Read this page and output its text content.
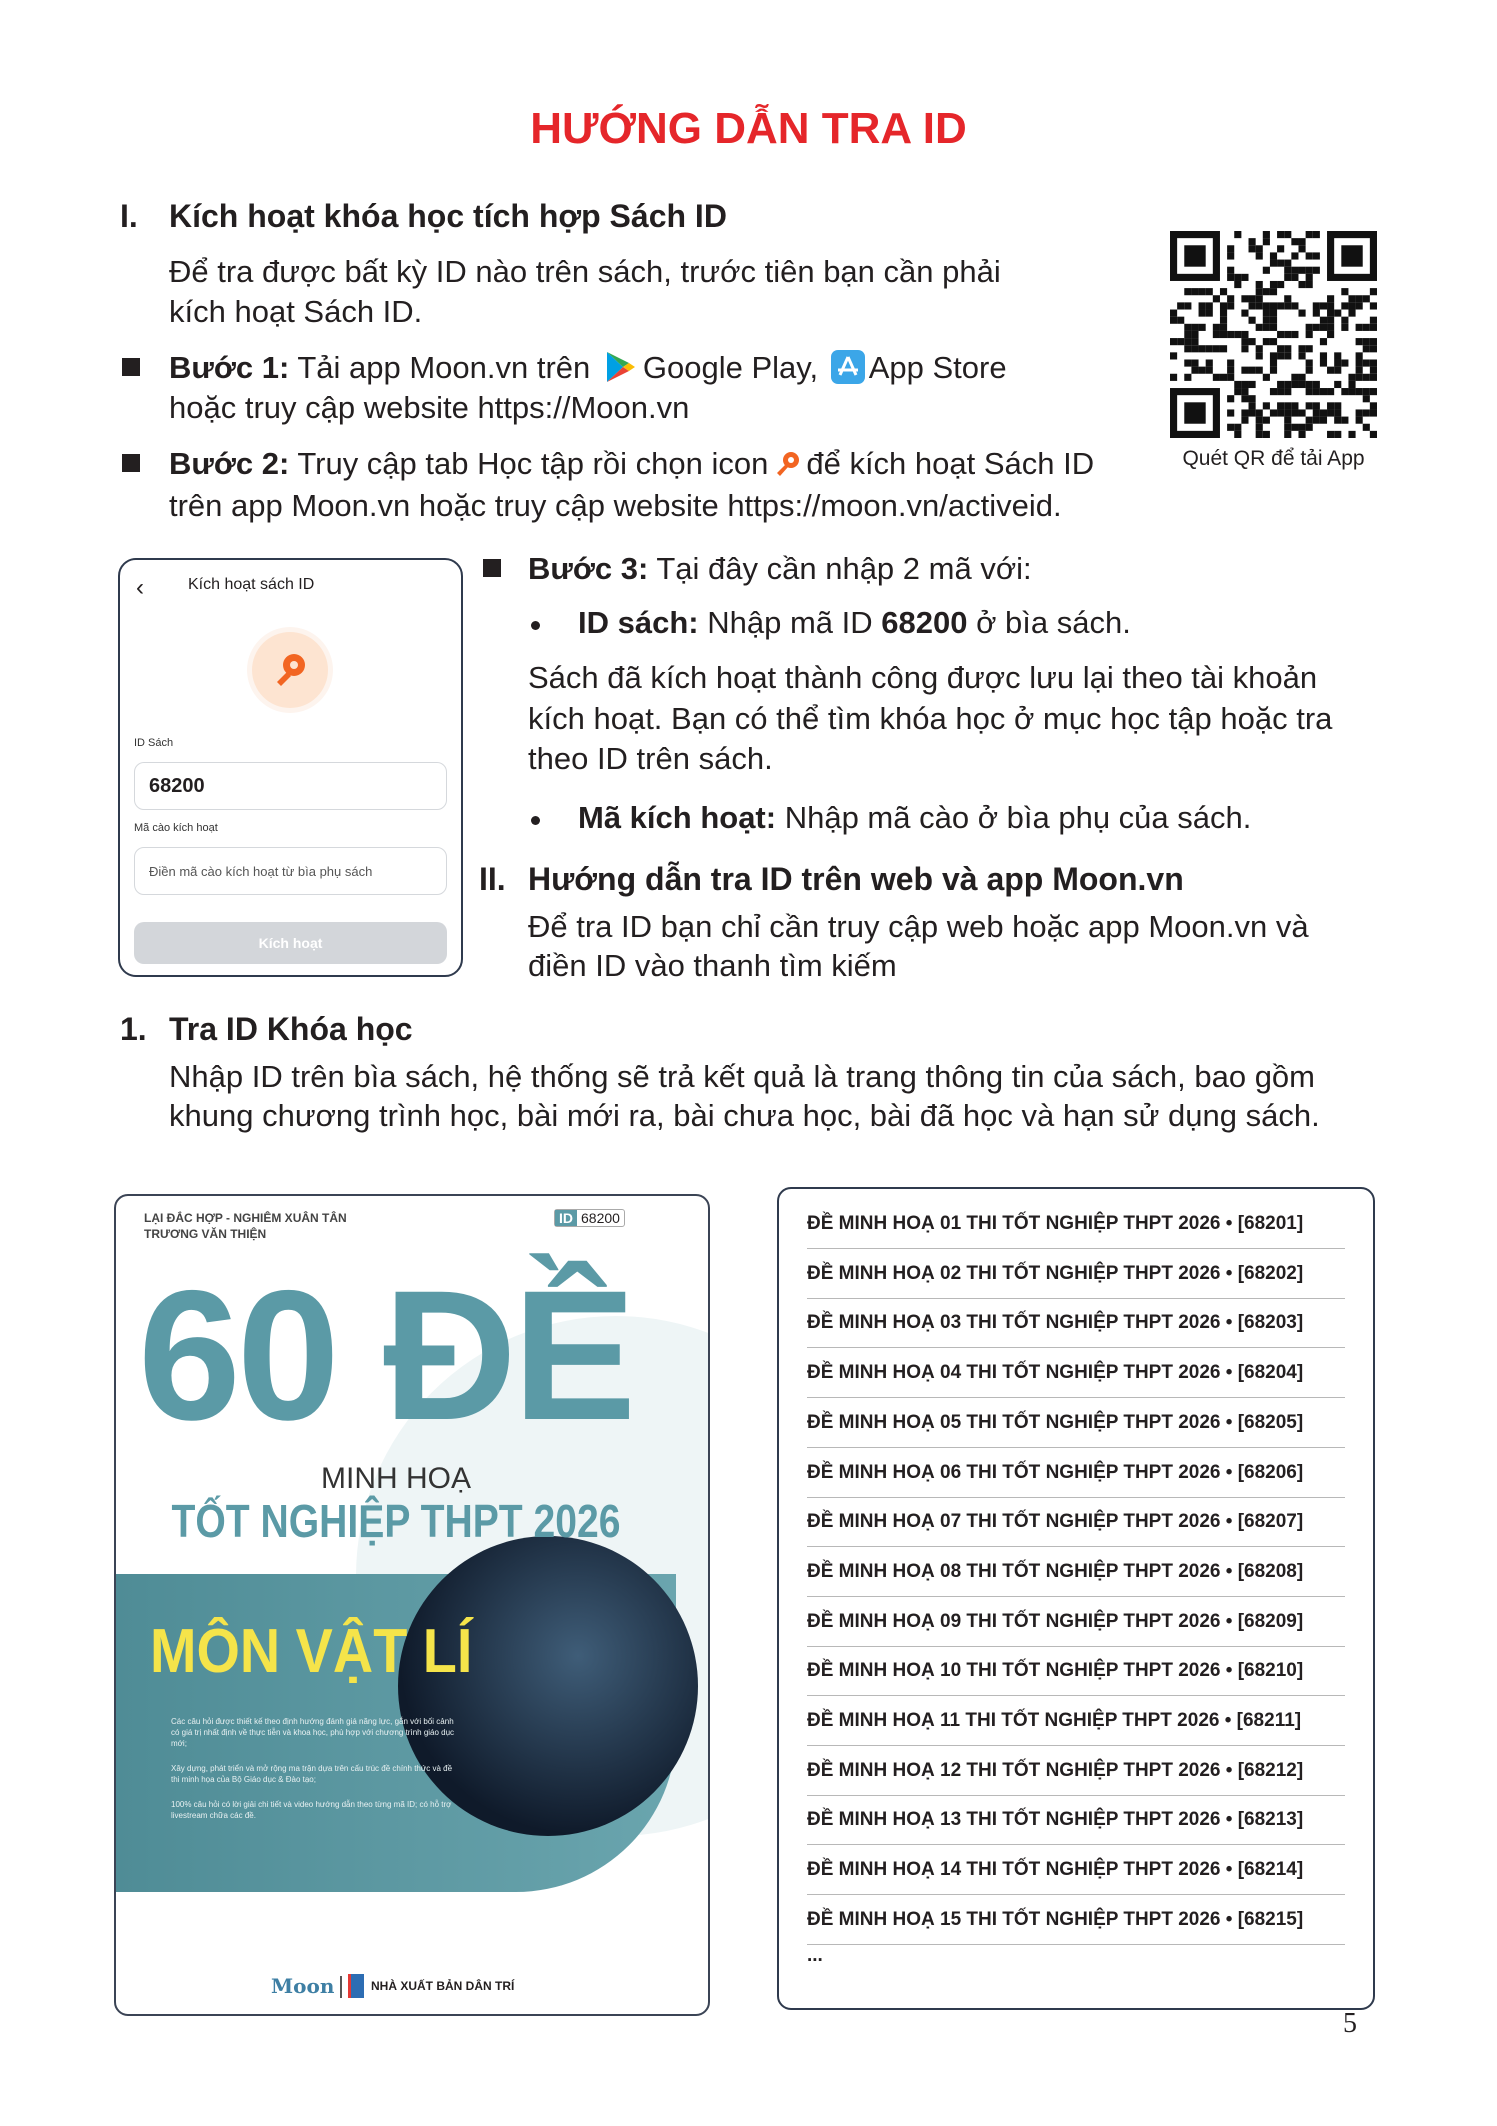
HƯỚNG DẪN TRA ID
I. Kích hoạt khóa học tích hợp Sách ID
Để tra được bất kỳ ID nào trên sách, trước tiên bạn cần phải
kích hoạt Sách ID.
Bước 1: Tải app Moon.vn trên Google Play, App Store
hoặc truy cập website https://Moon.vn
Bước 2: Truy cập tab Học tập rồi chọn icon để kích hoạt Sách ID
trên app Moon.vn hoặc truy cập website https://moon.vn/activeid.
Quét QR để tải App
‹	Kích hoạt sách ID
ID Sách
68200
Mã cào kích hoạt
Điền mã cào kích hoạt từ bìa phụ sách
Kích hoạt
Bước 3: Tại đây cần nhập 2 mã với:
ID sách: Nhập mã ID 68200 ở bìa sách.
Sách đã kích hoạt thành công được lưu lại theo tài khoản
kích hoạt. Bạn có thể tìm khóa học ở mục học tập hoặc tra
theo ID trên sách.
Mã kích hoạt: Nhập mã cào ở bìa phụ của sách.
II. Hướng dẫn tra ID trên web và app Moon.vn
Để tra ID bạn chỉ cần truy cập web hoặc app Moon.vn và
điền ID vào thanh tìm kiếm
1. Tra ID Khóa học
Nhập ID trên bìa sách, hệ thống sẽ trả kết quả là trang thông tin của sách, bao gồm
khung chương trình học, bài mới ra, bài chưa học, bài đã học và hạn sử dụng sách.
LẠI ĐẮC HỢP - NGHIÊM XUÂN TÂN
TRƯƠNG VĂN THIỆN
ID 68200
60 ĐỀ
MINH HOẠ
TỐT NGHIỆP THPT 2026
MÔN VẬT LÍ
Các câu hỏi được thiết kế theo định hướng đánh giá năng lực, gắn với bối cảnh có giá trị nhất định về thực tiễn và khoa học, phù hợp với chương trình giáo dục mới;
Xây dựng, phát triển và mở rộng ma trận dựa trên cấu trúc đề chính thức và đề thi minh họa của Bộ Giáo dục & Đào tạo;
100% câu hỏi có lời giải chi tiết và video hướng dẫn theo từng mã ID; có hỗ trợ livestream chữa các đề.
Moon	NHÀ XUẤT BẢN DÂN TRÍ
ĐỀ MINH HOẠ 01 THI TỐT NGHIỆP THPT 2026 • [68201]
ĐỀ MINH HOẠ 02 THI TỐT NGHIỆP THPT 2026 • [68202]
ĐỀ MINH HOẠ 03 THI TỐT NGHIỆP THPT 2026 • [68203]
ĐỀ MINH HOẠ 04 THI TỐT NGHIỆP THPT 2026 • [68204]
ĐỀ MINH HOẠ 05 THI TỐT NGHIỆP THPT 2026 • [68205]
ĐỀ MINH HOẠ 06 THI TỐT NGHIỆP THPT 2026 • [68206]
ĐỀ MINH HOẠ 07 THI TỐT NGHIỆP THPT 2026 • [68207]
ĐỀ MINH HOẠ 08 THI TỐT NGHIỆP THPT 2026 • [68208]
ĐỀ MINH HOẠ 09 THI TỐT NGHIỆP THPT 2026 • [68209]
ĐỀ MINH HOẠ 10 THI TỐT NGHIỆP THPT 2026 • [68210]
ĐỀ MINH HOẠ 11 THI TỐT NGHIỆP THPT 2026 • [68211]
ĐỀ MINH HOẠ 12 THI TỐT NGHIỆP THPT 2026 • [68212]
ĐỀ MINH HOẠ 13 THI TỐT NGHIỆP THPT 2026 • [68213]
ĐỀ MINH HOẠ 14 THI TỐT NGHIỆP THPT 2026 • [68214]
ĐỀ MINH HOẠ 15 THI TỐT NGHIỆP THPT 2026 • [68215]
...
5
